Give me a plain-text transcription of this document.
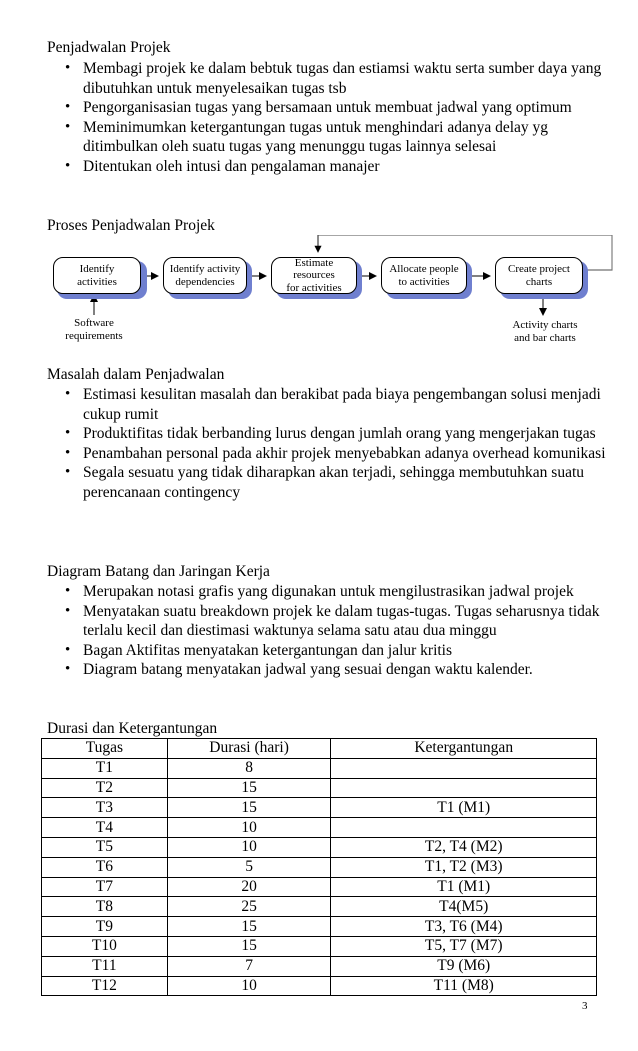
Penjadwalan Projek
• Membagi projek ke dalam bebtuk tugas dan estiamsi waktu serta sumber daya yang dibutuhkan untuk menyelesaikan tugas tsb
• Pengorganisasian tugas yang bersamaan untuk membuat jadwal yang optimum
• Meminimumkan ketergantungan tugas untuk menghindari adanya delay yg ditimbulkan oleh suatu tugas yang menunggu tugas lainnya selesai
• Ditentukan oleh intusi dan pengalaman manajer
Proses Penjadwalan Projek
Identify
activities
Identify activity
dependencies
Estimate resources
for activities
Allocate people
to activities
Create project
charts
Software
requirements
Activity charts
and bar charts
Masalah dalam Penjadwalan
• Estimasi kesulitan masalah dan berakibat pada biaya pengembangan solusi menjadi cukup rumit
• Produktifitas tidak berbanding lurus dengan jumlah orang yang mengerjakan tugas
• Penambahan personal pada akhir projek menyebabkan adanya overhead komunikasi
• Segala sesuatu yang tidak diharapkan akan terjadi, sehingga membutuhkan suatu perencanaan contingency
Diagram Batang dan Jaringan Kerja
• Merupakan notasi grafis yang digunakan untuk mengilustrasikan jadwal projek
• Menyatakan suatu breakdown projek ke dalam tugas-tugas. Tugas seharusnya tidak terlalu kecil dan diestimasi waktunya selama satu atau dua minggu
• Bagan Aktifitas menyatakan ketergantungan dan jalur kritis
• Diagram batang menyatakan jadwal yang sesuai dengan waktu kalender.
Durasi dan Ketergantungan
Tugas	Durasi (hari)	Ketergantungan
T1	8	
T2	15	
T3	15	T1 (M1)
T4	10	
T5	10	T2, T4 (M2)
T6	5	T1, T2 (M3)
T7	20	T1 (M1)
T8	25	T4(M5)
T9	15	T3, T6 (M4)
T10	15	T5, T7 (M7)
T11	7	T9 (M6)
T12	10	T11 (M8)
3
